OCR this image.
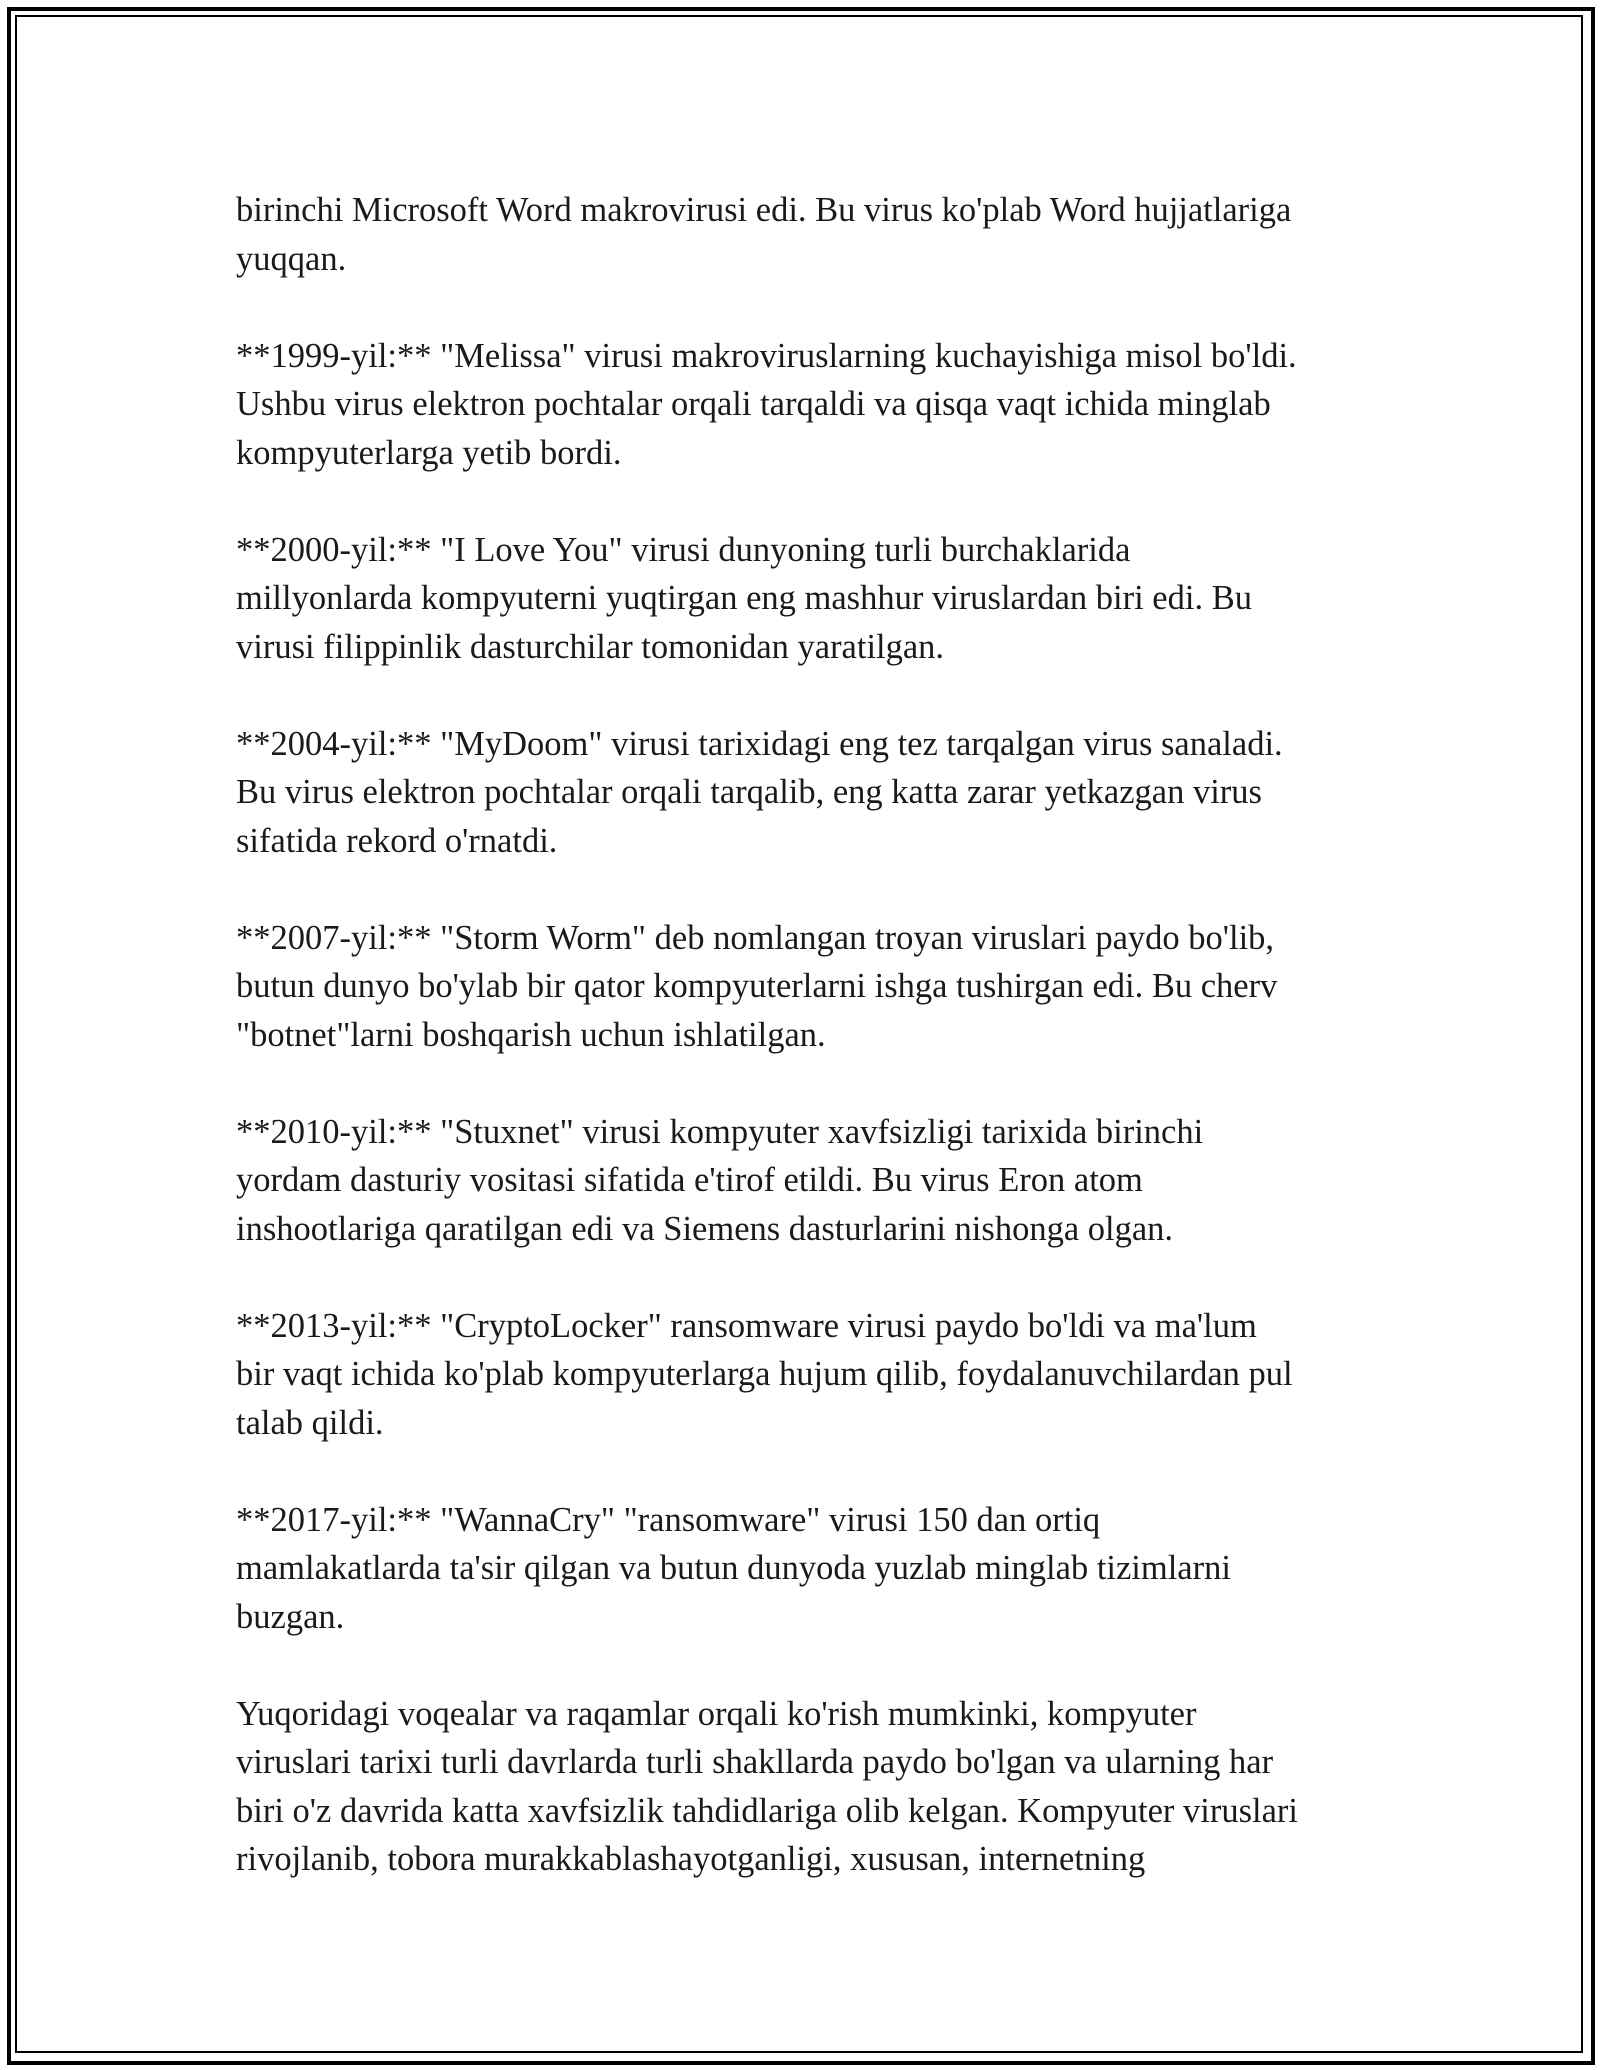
birinchi Microsoft Word makrovirusi edi. Bu virus ko'plab Word hujjatlariga
yuqqan.

**1999-yil:** "Melissa" virusi makroviruslarning kuchayishiga misol bo'ldi.
Ushbu virus elektron pochtalar orqali tarqaldi va qisqa vaqt ichida minglab
kompyuterlarga yetib bordi.

**2000-yil:** "I Love You" virusi dunyoning turli burchaklarida
millyonlarda kompyuterni yuqtirgan eng mashhur viruslardan biri edi. Bu
virusi filippinlik dasturchilar tomonidan yaratilgan.

**2004-yil:** "MyDoom" virusi tarixidagi eng tez tarqalgan virus sanaladi.
Bu virus elektron pochtalar orqali tarqalib, eng katta zarar yetkazgan virus
sifatida rekord o'rnatdi.

**2007-yil:** "Storm Worm" deb nomlangan troyan viruslari paydo bo'lib,
butun dunyo bo'ylab bir qator kompyuterlarni ishga tushirgan edi. Bu cherv
"botnet"larni boshqarish uchun ishlatilgan.

**2010-yil:** "Stuxnet" virusi kompyuter xavfsizligi tarixida birinchi
yordam dasturiy vositasi sifatida e'tirof etildi. Bu virus Eron atom
inshootlariga qaratilgan edi va Siemens dasturlarini nishonga olgan.

**2013-yil:** "CryptoLocker" ransomware virusi paydo bo'ldi va ma'lum
bir vaqt ichida ko'plab kompyuterlarga hujum qilib, foydalanuvchilardan pul
talab qildi.

**2017-yil:** "WannaCry" "ransomware" virusi 150 dan ortiq
mamlakatlarda ta'sir qilgan va butun dunyoda yuzlab minglab tizimlarni
buzgan.

Yuqoridagi voqealar va raqamlar orqali ko'rish mumkinki, kompyuter
viruslari tarixi turli davrlarda turli shakllarda paydo bo'lgan va ularning har
biri o'z davrida katta xavfsizlik tahdidlariga olib kelgan. Kompyuter viruslari
rivojlanib, tobora murakkablashayotganligi, xususan, internetning
